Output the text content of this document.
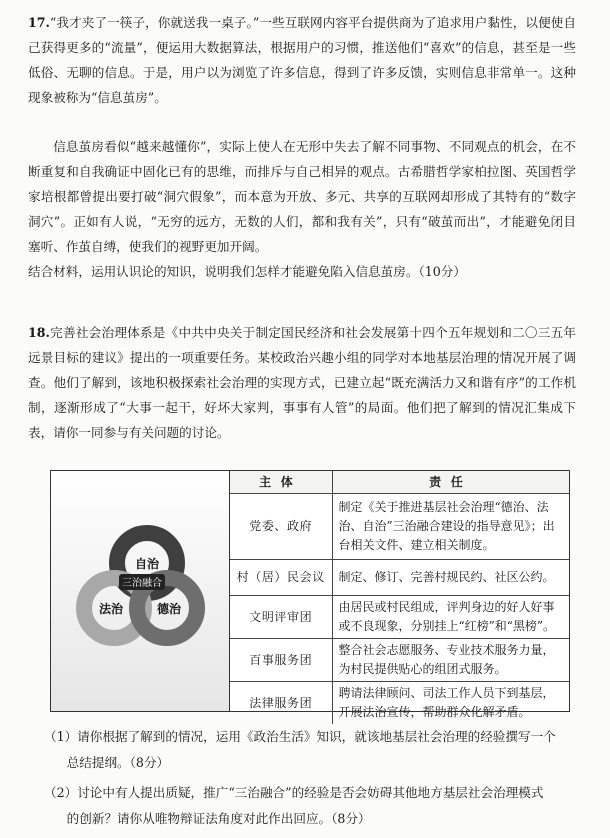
17.“我才夹了一筷子，你就送我一桌子。”一些互联网内容平台提供商为了追求用户黏性，以便使自己获得更多的“流量”，便运用大数据算法，根据用户的习惯，推送他们“喜欢”的信息，甚至是一些低俗、无聊的信息。于是，用户以为浏览了许多信息，得到了许多反馈，实则信息非常单一。这种现象被称为“信息茧房”。

信息茧房看似“越来越懂你”，实际上使人在无形中失去了解不同事物、不同观点的机会，在不断重复和自我确证中固化已有的思维，而排斥与自己相异的观点。古希腊哲学家柏拉图、英国哲学家培根都曾提出要打破“洞穴假象”，而本意为开放、多元、共享的互联网却形成了其特有的“数字洞穴”。正如有人说，“无穷的远方，无数的人们，都和我有关”，只有“破茧而出”，才能避免闭目塞听、作茧自缚，使我们的视野更加开阔。

结合材料，运用认识论的知识，说明我们怎样才能避免陷入信息茧房。（10分）

18.完善社会治理体系是《中共中央关于制定国民经济和社会发展第十四个五年规划和二〇三五年远景目标的建议》提出的一项重要任务。某校政治兴趣小组的同学对本地基层治理的情况开展了调查。他们了解到，该地积极探索社会治理的实现方式，已建立起“既充满活力又和谐有序”的工作机制，逐渐形成了“大事一起干，好坏大家判，事事有人管”的局面。他们把了解到的情况汇集成下表，请你一同参与有关问题的讨论。

三治融合
自治
法治	德治
主体	责任
党委、政府	制定《关于推进基层社会治理“德治、法治、自治”三治融合建设的指导意见》；出台相关文件、建立相关制度。
村（居）民会议	制定、修订、完善村规民约、社区公约。
文明评审团	由居民或村民组成，评判身边的好人好事或不良现象，分别挂上“红榜”和“黑榜”。
百事服务团	整合社会志愿服务、专业技术服务力量，为村民提供贴心的组团式服务。
法律服务团	聘请法律顾问、司法工作人员下到基层，开展法治宣传，帮助群众化解矛盾。
（1）请你根据了解到的情况，运用《政治生活》知识，就该地基层社会治理的经验撰写一个
总结提纲。（8分）
（2）讨论中有人提出质疑，推广“三治融合”的经验是否会妨碍其他地方基层社会治理模式
的创新？请你从唯物辩证法角度对此作出回应。（8分）
